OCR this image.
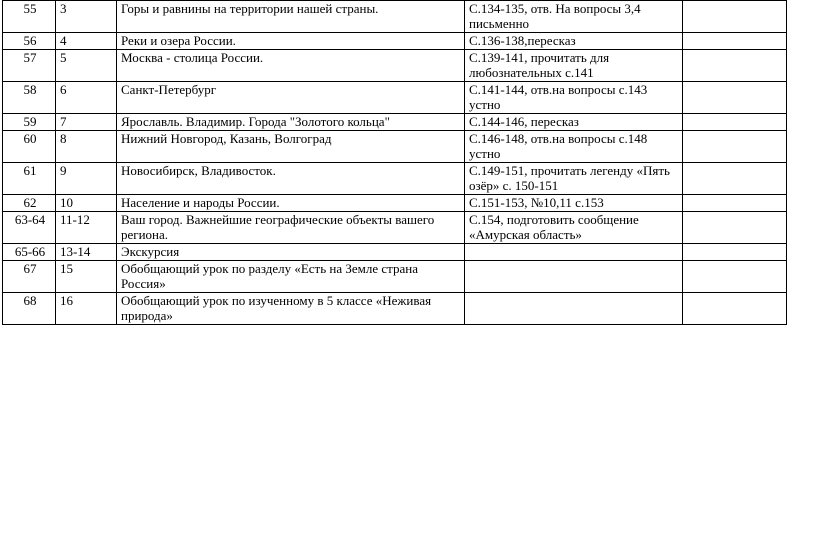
55	3	Горы и равнины на территории нашей страны.	С.134-135, отв. На вопросы 3,4 письменно	
56	4	Реки и озера России.	С.136-138,пересказ	
57	5	Москва - столица России.	С.139-141, прочитать для любознательных с.141	
58	6	Санкт-Петербург	С.141-144, отв.на вопросы с.143 устно	
59	7	Ярославль. Владимир. Города "Золотого кольца"	С.144-146, пересказ	
60	8	Нижний Новгород, Казань, Волгоград	С.146-148, отв.на вопросы с.148 устно	
61	9	Новосибирск, Владивосток.	С.149-151, прочитать легенду «Пять озёр» с. 150-151	
62	10	Население и народы России.	С.151-153, №10,11 с.153	
63-64	11-12	Ваш город. Важнейшие географические объекты вашего региона.	С.154, подготовить сообщение «Амурская область»	
65-66	13-14	Экскурсия		
67	15	Обобщающий урок по разделу «Есть на Земле страна Россия»		
68	16	Обобщающий урок по изученному в 5 классе «Неживая природа»		
